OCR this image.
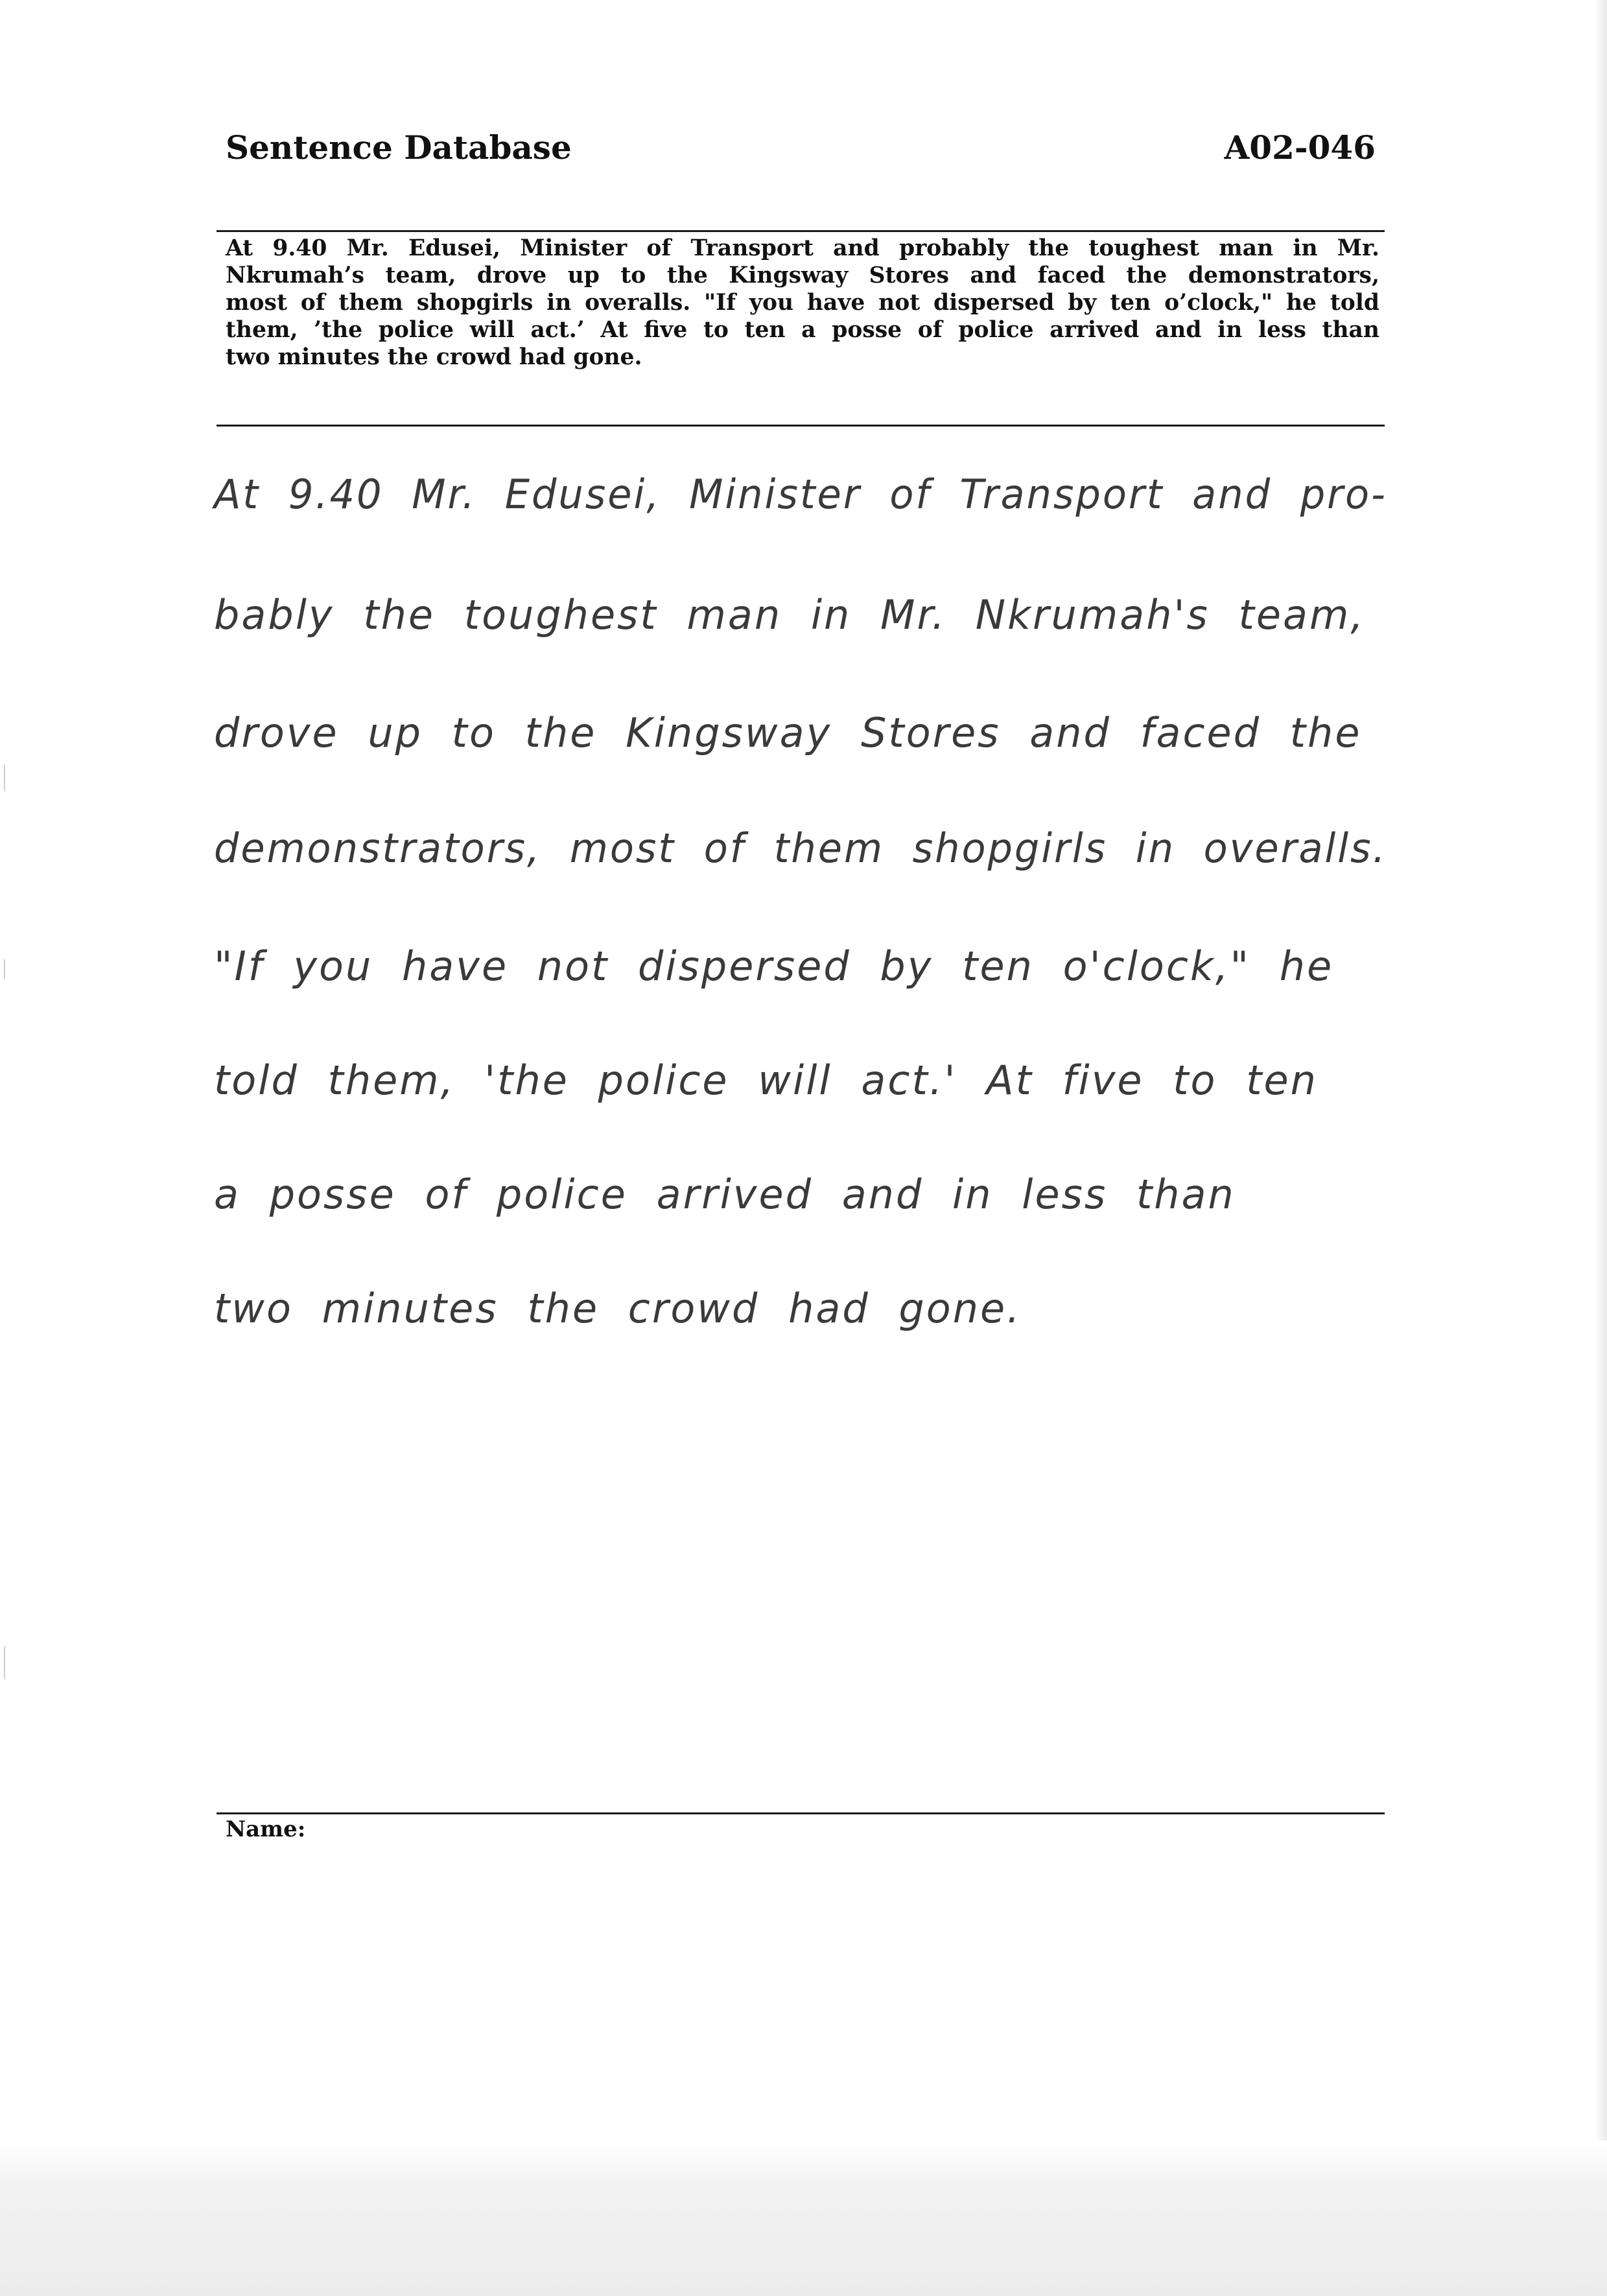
Sentence Database	A02-046
At 9.40 Mr. Edusei, Minister of Transport and probably the toughest man in Mr.
Nkrumah’s team, drove up to the Kingsway Stores and faced the demonstrators,
most of them shopgirls in overalls. "If you have not dispersed by ten o’clock," he told
them, ’the police will act.’ At five to ten a posse of police arrived and in less than
two minutes the crowd had gone.
At 9.40 Mr. Edusei, Minister of Transport and pro-
bably the toughest man in Mr. Nkrumah's team,
drove up to the Kingsway Stores and faced the
demonstrators, most of them shopgirls in overalls.
"If you have not dispersed by ten o'clock," he
told them, 'the police will act.' At five to ten
a posse of police arrived and in less than
two minutes the crowd had gone.
Name:
